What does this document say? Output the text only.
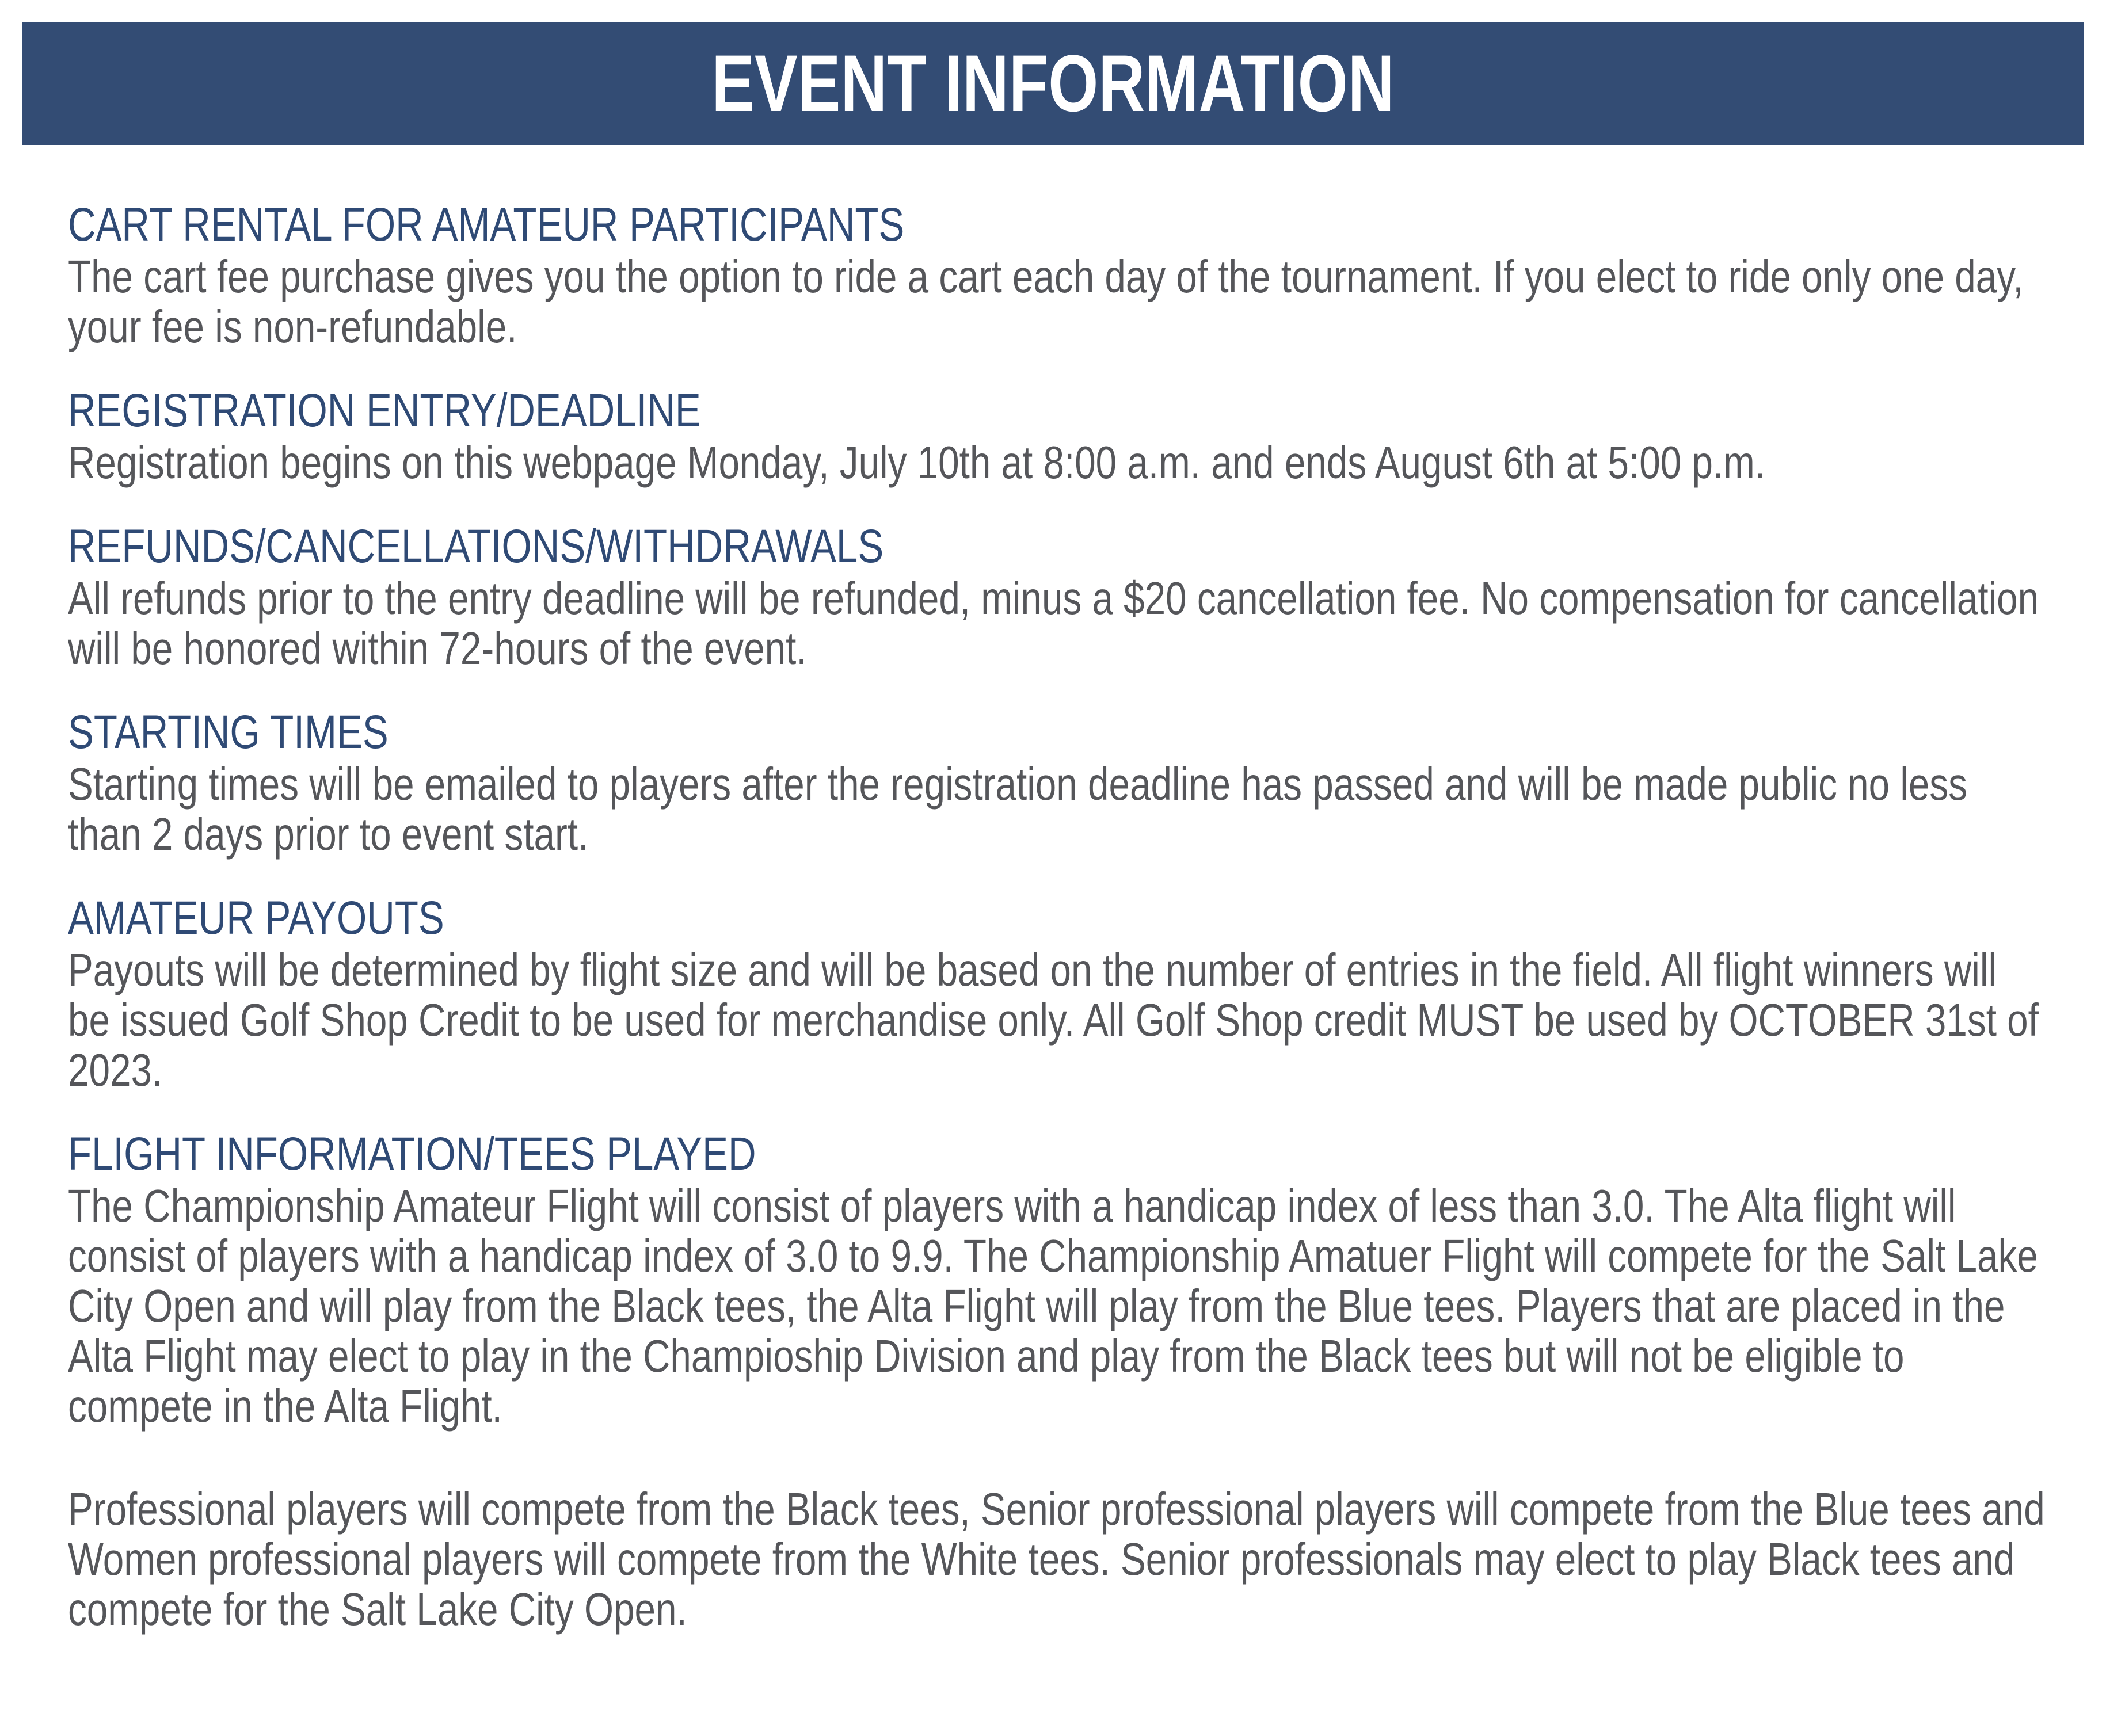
EVENT INFORMATION
CART RENTAL FOR AMATEUR PARTICIPANTS

The cart fee purchase gives you the option to ride a cart each day of the tournament. If you elect to ride only one day, your fee is non-refundable.

REGISTRATION ENTRY/DEADLINE

Registration begins on this webpage Monday, July 10th at 8:00 a.m. and ends August 6th at 5:00 p.m.

REFUNDS/CANCELLATIONS/WITHDRAWALS

All refunds prior to the entry deadline will be refunded, minus a $20 cancellation fee. No compensation for cancellation will be honored within 72-hours of the event.

STARTING TIMES

Starting times will be emailed to players after the registration deadline has passed and will be made public no less than 2 days prior to event start.

AMATEUR PAYOUTS

Payouts will be determined by flight size and will be based on the number of entries in the field. All flight winners will be issued Golf Shop Credit to be used for merchandise only. All Golf Shop credit MUST be used by OCTOBER 31st of 2023.

FLIGHT INFORMATION/TEES PLAYED

The Championship Amateur Flight will consist of players with a handicap index of less than 3.0. The Alta flight will consist of players with a handicap index of 3.0 to 9.9. The Championship Amatuer Flight will compete for the Salt Lake City Open and will play from the Black tees, the Alta Flight will play from the Blue tees. Players that are placed in the Alta Flight may elect to play in the Champioship Division and play from the Black tees but will not be eligible to compete in the Alta Flight.

Professional players will compete from the Black tees, Senior professional players will compete from the Blue tees and Women professional players will compete from the White tees. Senior professionals may elect to play Black tees and compete for the Salt Lake City Open.
